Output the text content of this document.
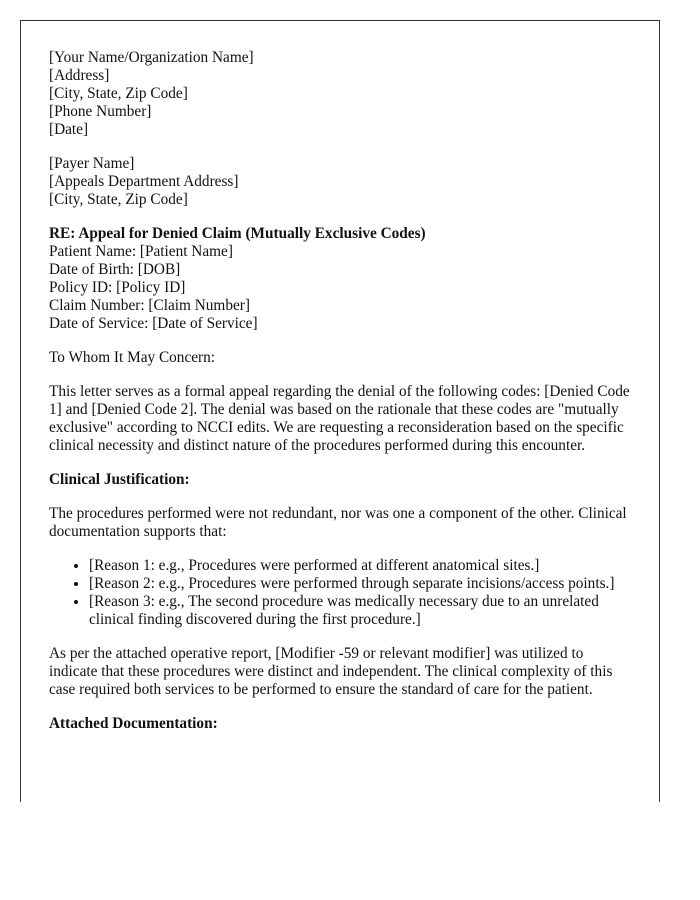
[Your Name/Organization Name]
[Address]
[City, State, Zip Code]
[Phone Number]
[Date]
[Payer Name]
[Appeals Department Address]
[City, State, Zip Code]
RE: Appeal for Denied Claim (Mutually Exclusive Codes)
Patient Name: [Patient Name]
Date of Birth: [DOB]
Policy ID: [Policy ID]
Claim Number: [Claim Number]
Date of Service: [Date of Service]

To Whom It May Concern:

This letter serves as a formal appeal regarding the denial of the following codes: [Denied Code 1] and [Denied Code 2]. The denial was based on the rationale that these codes are "mutually exclusive" according to NCCI edits. We are requesting a reconsideration based on the specific clinical necessity and distinct nature of the procedures performed during this encounter.

Clinical Justification:

The procedures performed were not redundant, nor was one a component of the other. Clinical documentation supports that:

• [Reason 1: e.g., Procedures were performed at different anatomical sites.]
• [Reason 2: e.g., Procedures were performed through separate incisions/access points.]
• [Reason 3: e.g., The second procedure was medically necessary due to an unrelated clinical finding discovered during the first procedure.]

As per the attached operative report, [Modifier -59 or relevant modifier] was utilized to indicate that these procedures were distinct and independent. The clinical complexity of this case required both services to be performed to ensure the standard of care for the patient.

Attached Documentation:
